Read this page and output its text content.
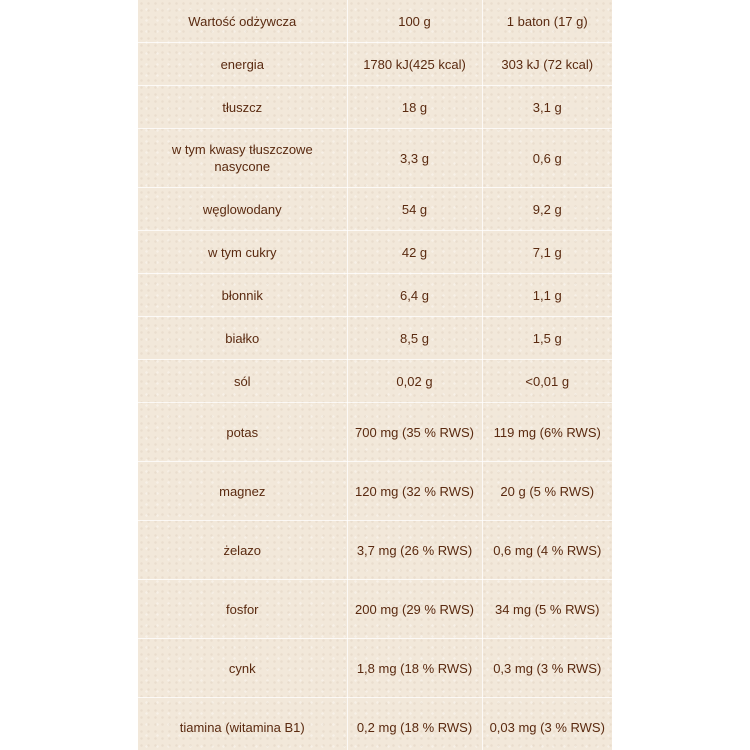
Wartość odżywcza	100 g	1 baton (17 g)
energia	1780 kJ(425 kcal)	303 kJ (72 kcal)
tłuszcz	18 g	3,1 g
w tym kwasy tłuszczowe nasycone	3,3 g	0,6 g
węglowodany	54 g	9,2 g
w tym cukry	42 g	7,1 g
błonnik	6,4 g	1,1 g
białko	8,5 g	1,5 g
sól	0,02 g	<0,01 g
potas	700 mg (35 % RWS)	119 mg (6% RWS)
magnez	120 mg (32 % RWS)	20 g (5 % RWS)
żelazo	3,7 mg (26 % RWS)	0,6 mg (4 % RWS)
fosfor	200 mg (29 % RWS)	34 mg (5 % RWS)
cynk	1,8 mg (18 % RWS)	0,3 mg (3 % RWS)
tiamina (witamina B1)	0,2 mg (18 % RWS)	0,03 mg (3 % RWS)
